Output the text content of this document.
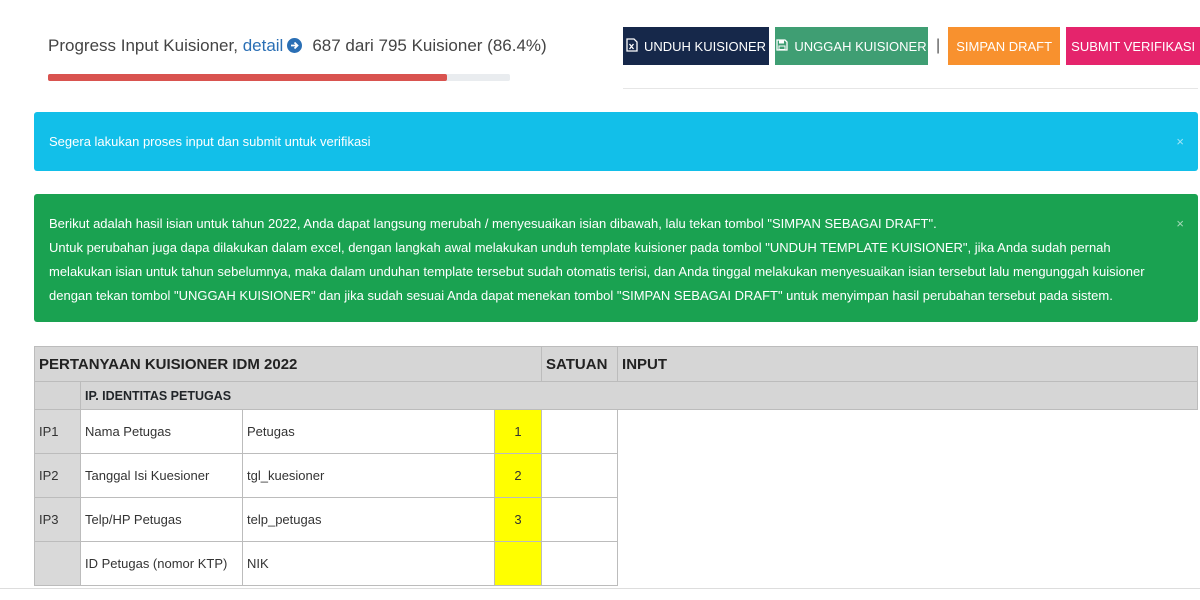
Progress Input Kuisioner, detail 687 dari 795 Kuisioner (86.4%)	UNDUH KUISIONER UNGGAH KUISIONER |	SIMPAN DRAFT	SUBMIT VERIFIKASI
Segera lakukan proses input dan submit untuk verifikasi	×
Berikut adalah hasil isian untuk tahun 2022, Anda dapat langsung merubah / menyesuaikan isian dibawah, lalu tekan tombol "SIMPAN SEBAGAI DRAFT".
Untuk perubahan juga dapa dilakukan dalam excel, dengan langkah awal melakukan unduh template kuisioner pada tombol "UNDUH TEMPLATE KUISIONER", jika Anda sudah pernah melakukan isian untuk tahun sebelumnya, maka dalam unduhan template tersebut sudah otomatis terisi, dan Anda tinggal melakukan menyesuaikan isian tersebut lalu mengunggah kuisioner dengan tekan tombol "UNGGAH KUISIONER" dan jika sudah sesuai Anda dapat menekan tombol "SIMPAN SEBAGAI DRAFT" untuk menyimpan hasil perubahan tersebut pada sistem.
×
PERTANYAAN KUISIONER IDM 2022				SATUAN	INPUT
	IP. IDENTITAS PETUGAS				
IP1	Nama Petugas	Petugas	1		
IP2	Tanggal Isi Kuesioner	tgl_kuesioner	2		
IP3	Telp/HP Petugas	telp_petugas	3		
	ID Petugas (nomor KTP)	NIK			
